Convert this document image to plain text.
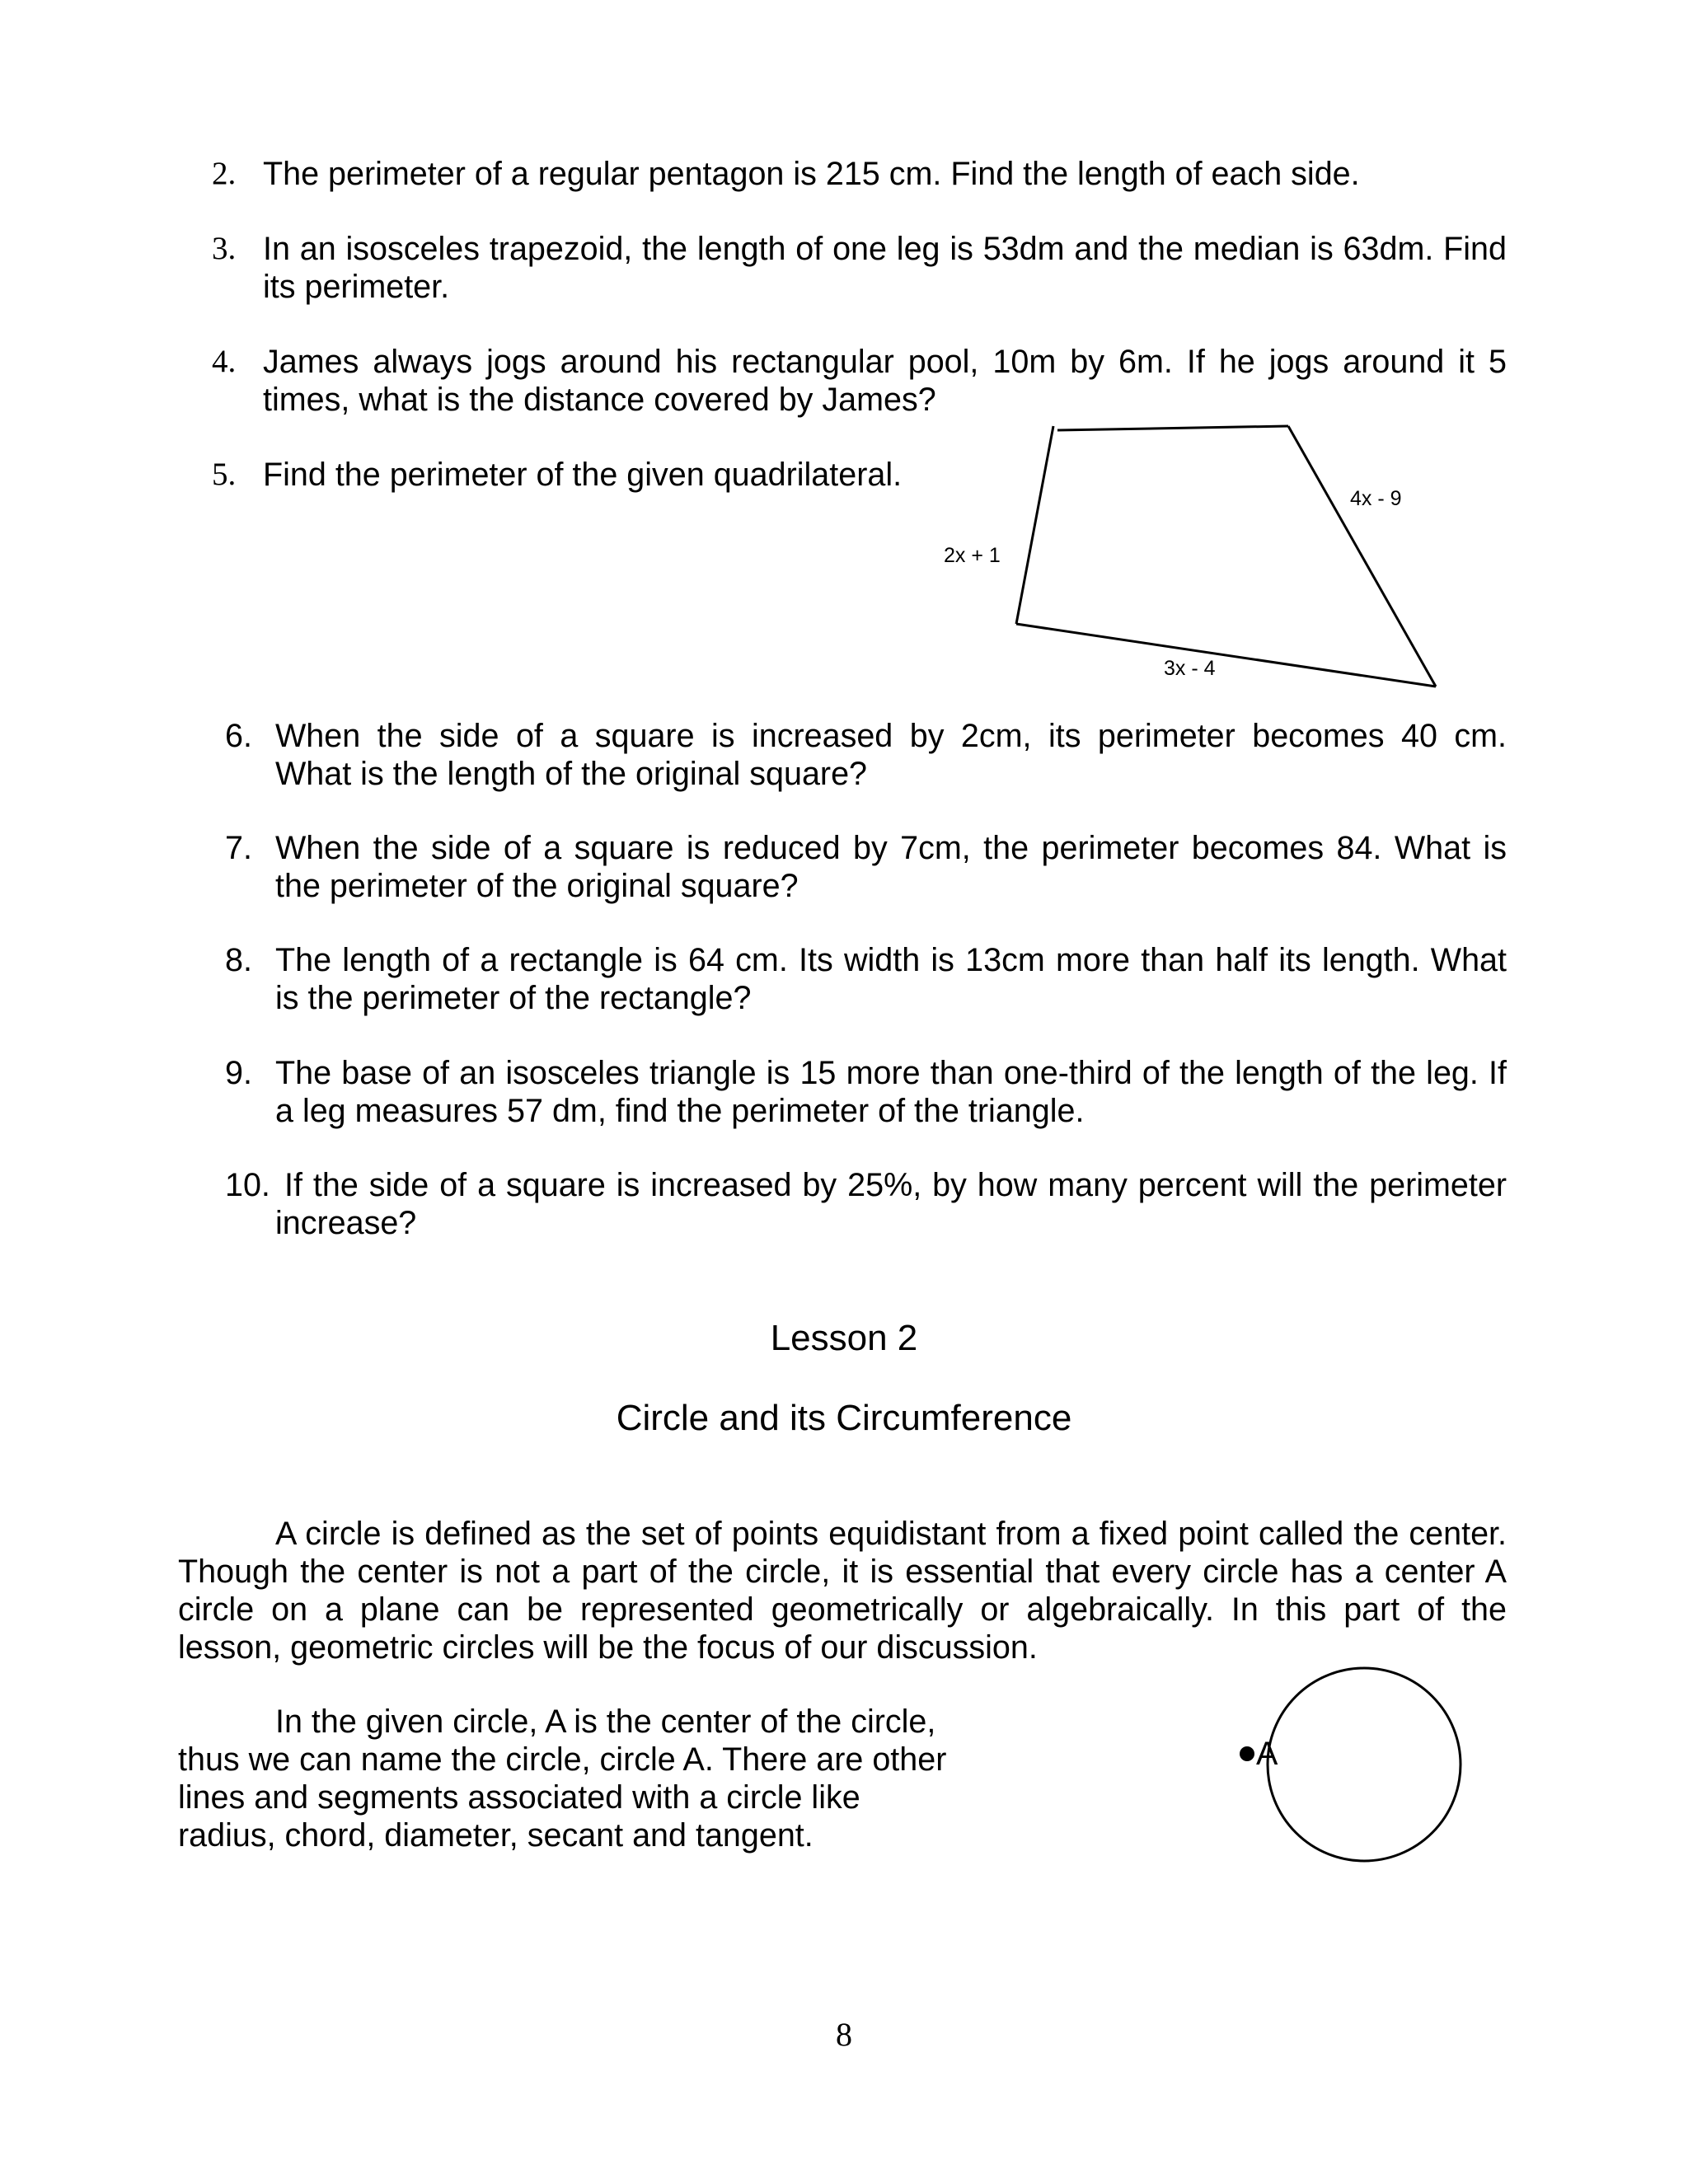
2. The perimeter of a regular pentagon is 215 cm. Find the length of each side.
3. In an isosceles trapezoid, the length of one leg is 53dm and the median is 63dm. Find
its perimeter.
4. James always jogs around his rectangular pool, 10m by 6m. If he jogs around it 5
times, what is the distance covered by James?
5. Find the perimeter of the given quadrilateral.
4x - 9
2x + 1
3x - 4
6. When the side of a square is increased by 2cm, its perimeter becomes 40 cm.
What is the length of the original square?
7. When the side of a square is reduced by 7cm, the perimeter becomes 84. What is
the perimeter of the original square?
8. The length of a rectangle is 64 cm. Its width is 13cm more than half its length. What
is the perimeter of the rectangle?
9. The base of an isosceles triangle is 15 more than one-third of the length of the leg. If
a leg measures 57 dm, find the perimeter of the triangle.
10. If the side of a square is increased by 25%, by how many percent will the perimeter
increase?
Lesson 2
Circle and its Circumference
A circle is defined as the set of points equidistant from a fixed point called the center.
Though the center is not a part of the circle, it is essential that every circle has a center A
circle on a plane can be represented geometrically or algebraically. In this part of the
lesson, geometric circles will be the focus of our discussion.
In the given circle, A is the center of the circle,
thus we can name the circle, circle A. There are other
lines and segments associated with a circle like
radius, chord, diameter, secant and tangent.
A
8
